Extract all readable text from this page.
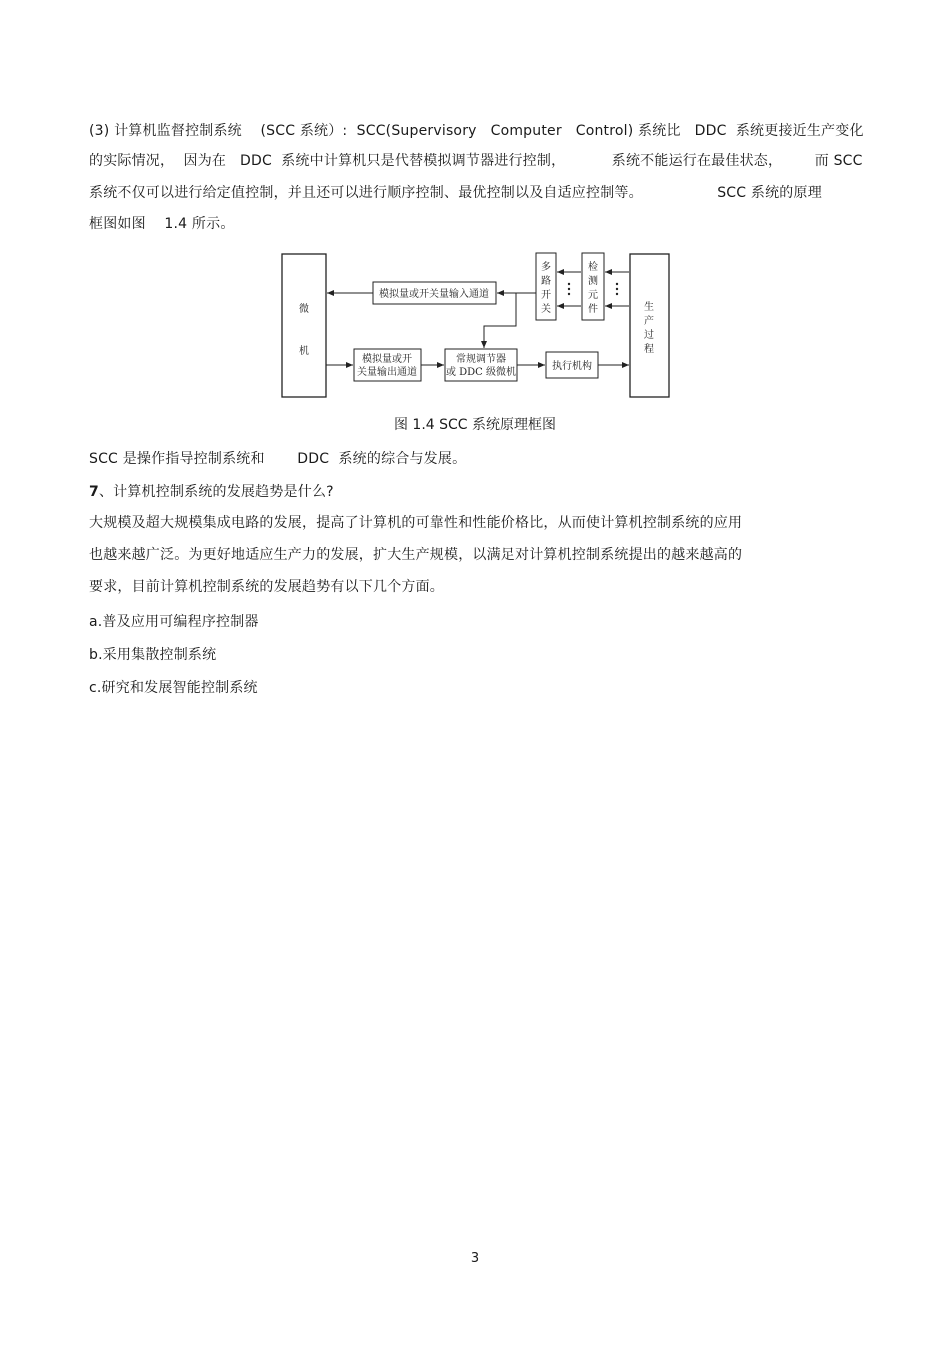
(3) 计算机监督控制系统    (SCC 系统）:  SCC(Supervisory   Computer   Control) 系统比   DDC  系统更接近生产变化
的实际情况，  因为在   DDC  系统中计算机只是代替模拟调节器进行控制，          系统不能运行在最佳状态，       而 SCC
系统不仅可以进行给定值控制，并且还可以进行顺序控制、最优控制以及自适应控制等。                SCC 系统的原理
框图如图    1.4 所示。
微
机
模拟量或开关量输入通道
多
路
开
关
检
测
元
件	生
产
过
程
模拟量或开
关量输出通道
常规调节器
或 DDC 级微机
执行机构
图 1.4 SCC 系统原理框图
SCC 是操作指导控制系统和       DDC  系统的综合与发展。
7、计算机控制系统的发展趋势是什么?
大规模及超大规模集成电路的发展，提高了计算机的可靠性和性能价格比，从而使计算机控制系统的应用
也越来越广泛。为更好地适应生产力的发展，扩大生产规模，以满足对计算机控制系统提出的越来越高的
要求，目前计算机控制系统的发展趋势有以下几个方面。
a.普及应用可编程序控制器
b.采用集散控制系统
c.研究和发展智能控制系统
3
